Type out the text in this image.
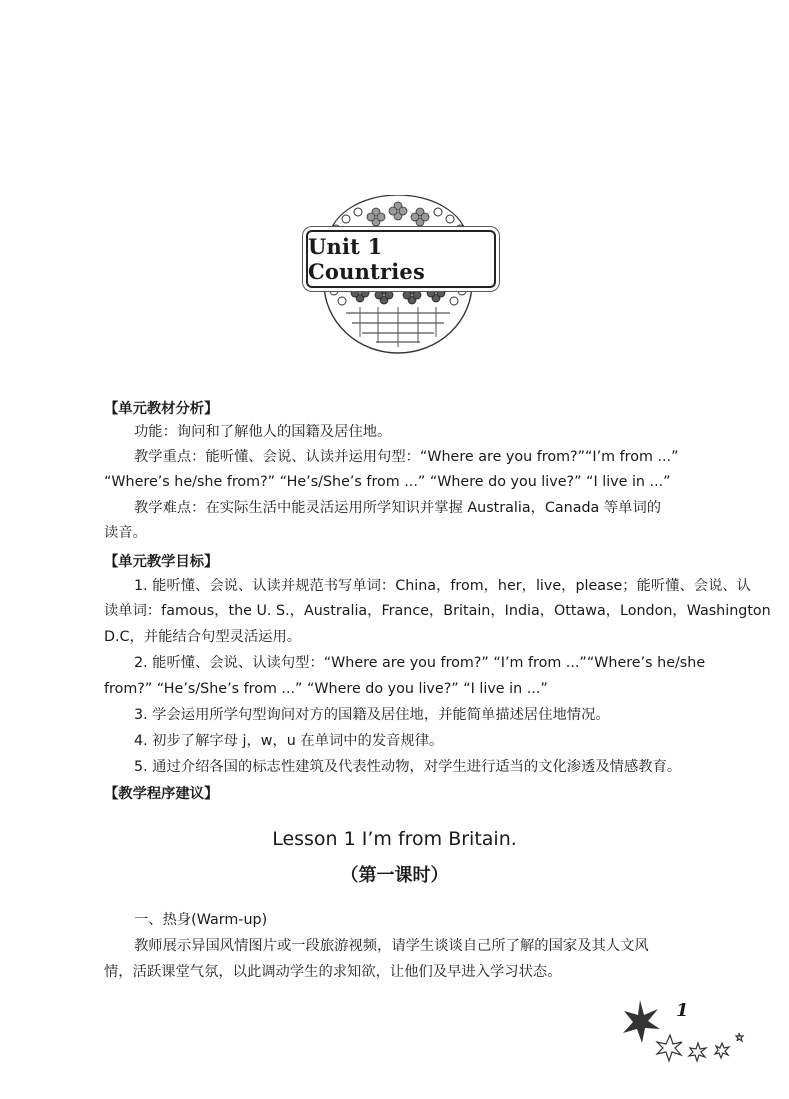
Unit 1 Countries
【单元教材分析】
功能：询问和了解他人的国籍及居住地。
教学重点：能听懂、会说、认读并运用句型：“Where are you from?”“I’m from ...”
“Where’s he/she from?” “He’s/She’s from ...” “Where do you live?” “I live in ...”
教学难点：在实际生活中能灵活运用所学知识并掌握 Australia，Canada 等单词的
读音。
【单元教学目标】
1. 能听懂、会说、认读并规范书写单词：China，from，her，live，please；能听懂、会说、认
读单词：famous，the U. S.，Australia，France，Britain，India，Ottawa，London，Washington
D.C，并能结合句型灵活运用。
2. 能听懂、会说、认读句型：“Where are you from?” “I’m from ...”“Where’s he/she
from?” “He’s/She’s from ...” “Where do you live?” “I live in ...”
3. 学会运用所学句型询问对方的国籍及居住地，并能简单描述居住地情况。
4. 初步了解字母 j，w，u 在单词中的发音规律。
5. 通过介绍各国的标志性建筑及代表性动物，对学生进行适当的文化渗透及情感教育。
【教学程序建议】
Lesson 1 I’m from Britain.
（第一课时）
一、热身(Warm-up)
教师展示异国风情图片或一段旅游视频，请学生谈谈自己所了解的国家及其人文风
情，活跃课堂气氛，以此调动学生的求知欲，让他们及早进入学习状态。
1
